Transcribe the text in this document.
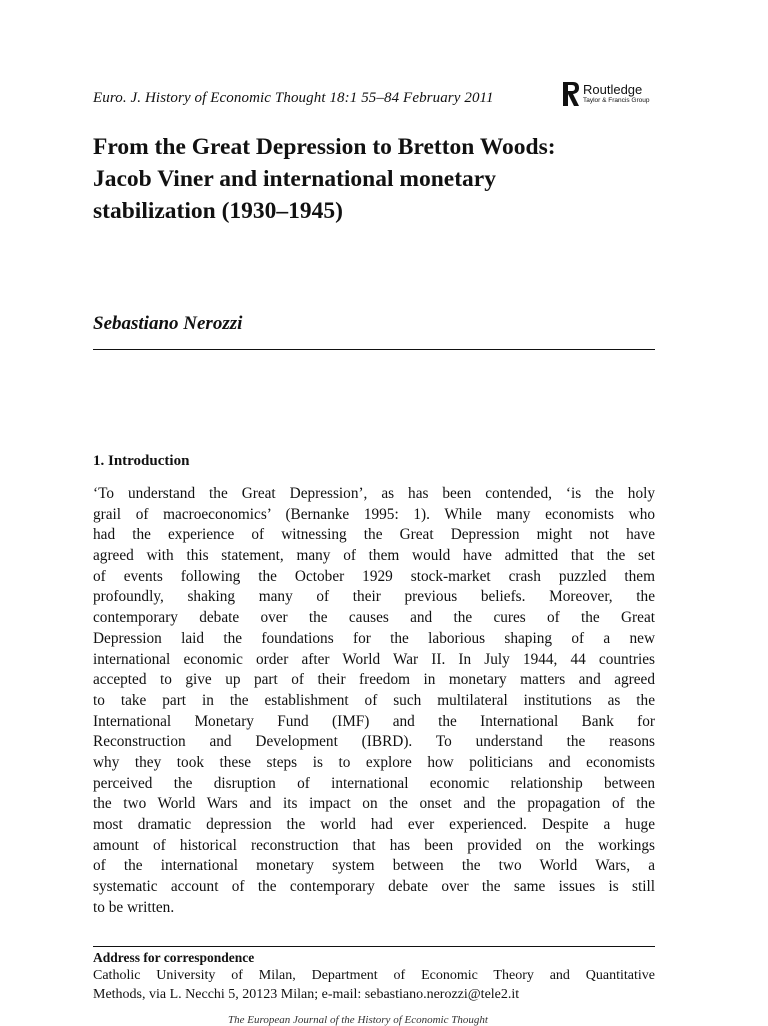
Euro. J. History of Economic Thought 18:1 55–84 February 2011
Routledge
Taylor & Francis Group
From the Great Depression to Bretton Woods:
Jacob Viner and international monetary
stabilization (1930–1945)
Sebastiano Nerozzi
1. Introduction
‘To understand the Great Depression’, as has been contended, ‘is the holy
grail of macroeconomics’ (Bernanke 1995: 1). While many economists who
had the experience of witnessing the Great Depression might not have
agreed with this statement, many of them would have admitted that the set
of events following the October 1929 stock-market crash puzzled them
profoundly, shaking many of their previous beliefs. Moreover, the
contemporary debate over the causes and the cures of the Great
Depression laid the foundations for the laborious shaping of a new
international economic order after World War II. In July 1944, 44 countries
accepted to give up part of their freedom in monetary matters and agreed
to take part in the establishment of such multilateral institutions as the
International Monetary Fund (IMF) and the International Bank for
Reconstruction and Development (IBRD). To understand the reasons
why they took these steps is to explore how politicians and economists
perceived the disruption of international economic relationship between
the two World Wars and its impact on the onset and the propagation of the
most dramatic depression the world had ever experienced. Despite a huge
amount of historical reconstruction that has been provided on the workings
of the international monetary system between the two World Wars, a
systematic account of the contemporary debate over the same issues is still
to be written.
Address for correspondence
Catholic University of Milan, Department of Economic Theory and Quantitative
Methods, via L. Necchi 5, 20123 Milan; e-mail: sebastiano.nerozzi@tele2.it
The European Journal of the History of Economic Thought
